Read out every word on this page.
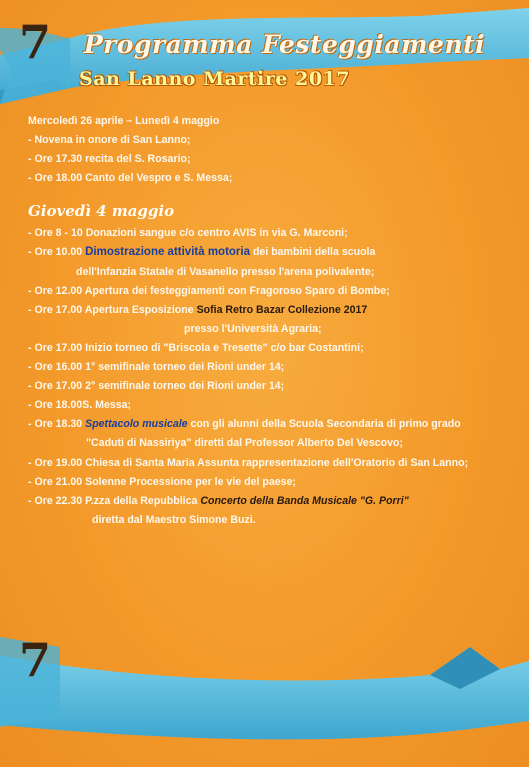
7
7
Programma Festeggiamenti
San Lanno Martire 2017
Mercoledì 26 aprile – Lunedì 4 maggio
- Novena in onore di San Lanno;
- Ore 17.30 recita del S. Rosario;
- Ore 18.00 Canto del Vespro e S. Messa;
Giovedì 4 maggio
- Ore 8 - 10 Donazioni sangue c/o centro AVIS in via G. Marconi;
- Ore 10.00 Dimostrazione attività motoria dei bambini della scuola
dell'Infanzia Statale di Vasanello presso l'arena polivalente;
- Ore 12.00 Apertura dei festeggiamenti con Fragoroso Sparo di Bombe;
- Ore 17.00 Apertura Esposizione Sofia Retro Bazar Collezione 2017
presso l'Università Agraria;
- Ore 17.00 Inizio torneo di "Briscola e Tresette" c/o bar Costantini;
- Ore 16.00 1° semifinale torneo dei Rioni under 14;
- Ore 17.00 2° semifinale torneo dei Rioni under 14;
- Ore 18.00S. Messa;
- Ore 18.30 Spettacolo musicale con gli alunni della Scuola Secondaria di primo grado
"Caduti di Nassiriya" diretti dal Professor Alberto Del Vescovo;
- Ore 19.00 Chiesa di Santa Maria Assunta rappresentazione dell'Oratorio di San Lanno;
- Ore 21.00 Solenne Processione per le vie del paese;
- Ore 22.30 P.zza della Repubblica Concerto della Banda Musicale "G. Porri"
diretta dal Maestro Simone Buzi.
